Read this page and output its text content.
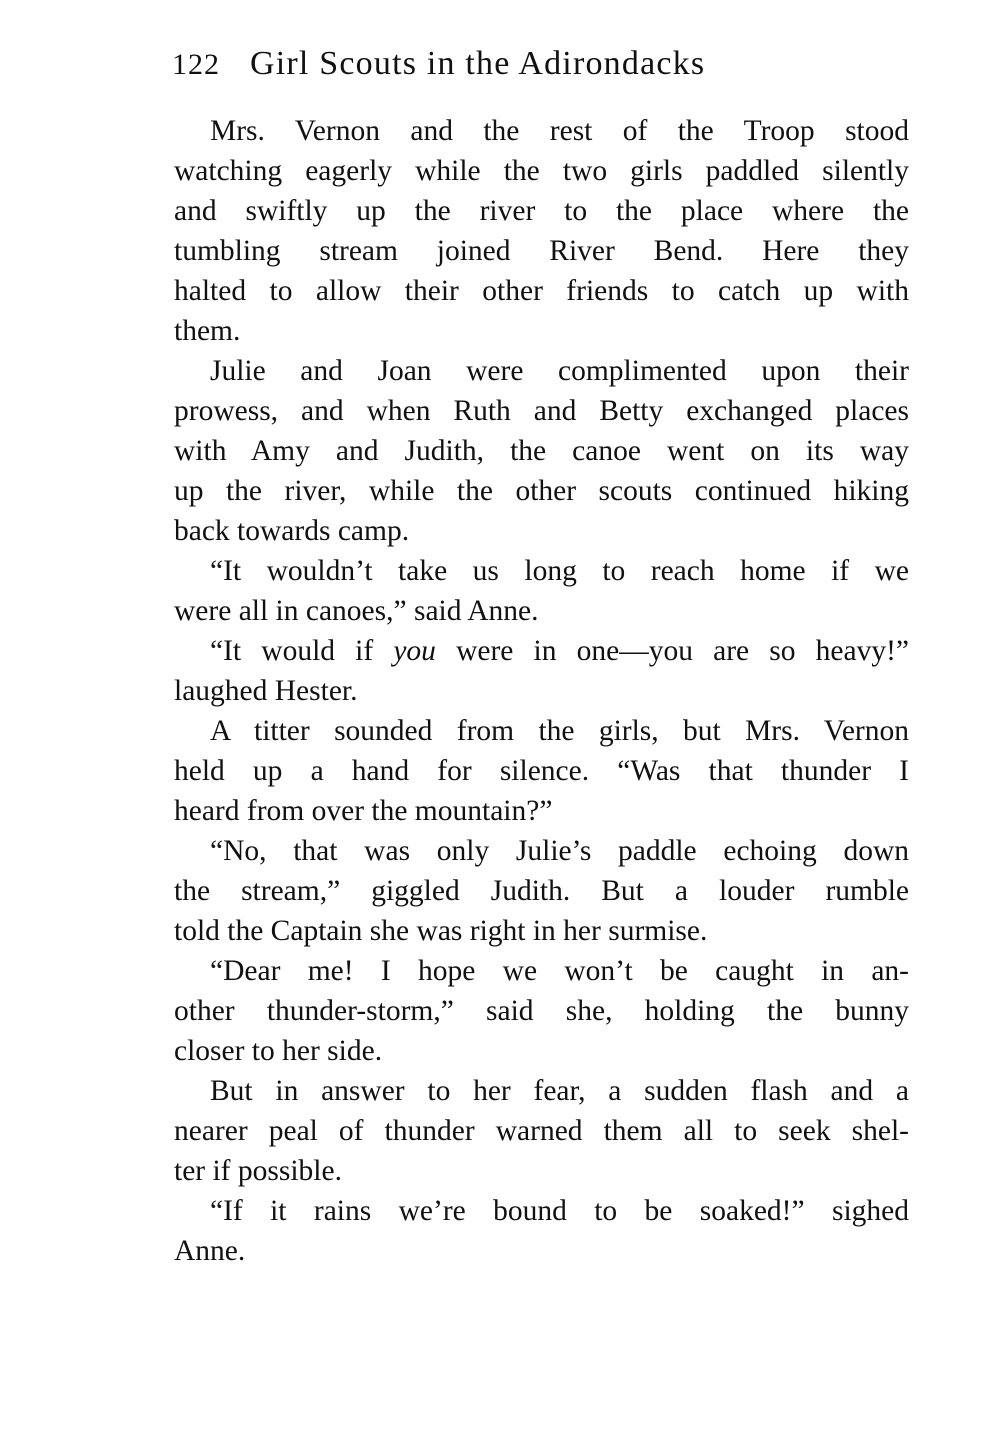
122 Girl Scouts in the Adirondacks
Mrs. Vernon and the rest of the Troop stood
watching eagerly while the two girls paddled silently
and swiftly up the river to the place where the
tumbling stream joined River Bend. Here they
halted to allow their other friends to catch up with
them.
Julie and Joan were complimented upon their
prowess, and when Ruth and Betty exchanged places
with Amy and Judith, the canoe went on its way
up the river, while the other scouts continued hiking
back towards camp.
“It wouldn’t take us long to reach home if we
were all in canoes,” said Anne.
“It would if you were in one—you are so heavy!”
laughed Hester.
A titter sounded from the girls, but Mrs. Vernon
held up a hand for silence. “Was that thunder I
heard from over the mountain?”
“No, that was only Julie’s paddle echoing down
the stream,” giggled Judith. But a louder rumble
told the Captain she was right in her surmise.
“Dear me! I hope we won’t be caught in an-
other thunder-storm,” said she, holding the bunny
closer to her side.
But in answer to her fear, a sudden flash and a
nearer peal of thunder warned them all to seek shel-
ter if possible.
“If it rains we’re bound to be soaked!” sighed
Anne.
